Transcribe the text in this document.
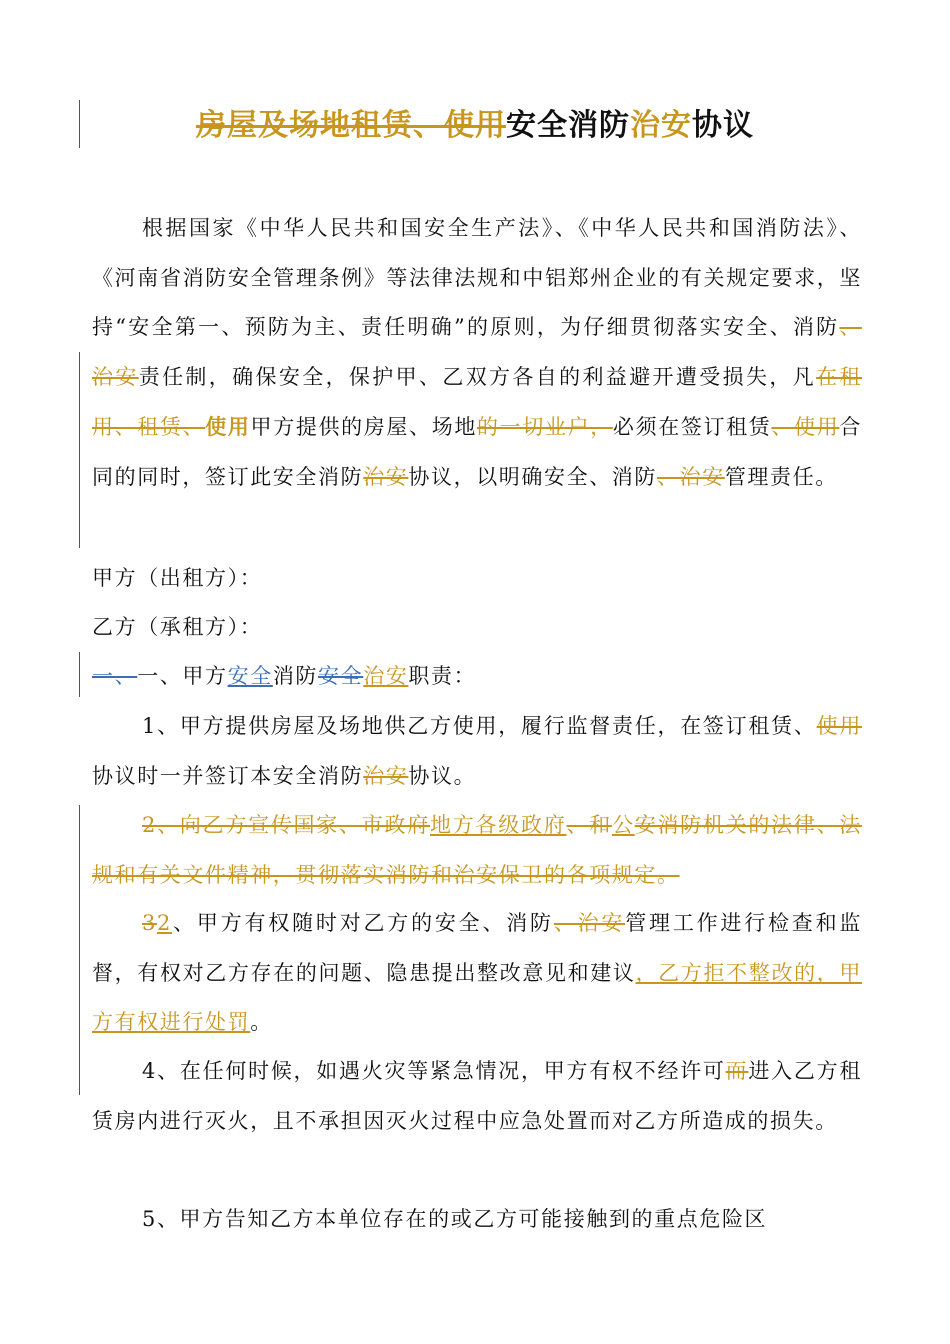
房屋及场地租赁、使用安全消防治安协议
根据国家《中华人民共和国安全生产法》、《中华人民共和国消防法》、《河南省消防安全管理条例》等法律法规和中铝郑州企业的有关规定要求，坚持“安全第一、预防为主、责任明确”的原则，为仔细贯彻落实安全、消防、治安责任制，确保安全，保护甲、乙双方各自的利益避开遭受损失，凡在租用、租赁、使用甲方提供的房屋、场地的一切业户，必须在签订租赁、使用合同的同时，签订此安全消防治安协议，以明确安全、消防、治安管理责任。
甲方（出租方）：
乙方（承租方）：
一、一、甲方安全消防安全治安职责：
1、甲方提供房屋及场地供乙方使用，履行监督责任，在签订租赁、使用协议时一并签订本安全消防治安协议。
2、向乙方宣传国家、市政府地方各级政府、和公安消防机关的法律、法规和有关文件精神，贯彻落实消防和治安保卫的各项规定。
32、甲方有权随时对乙方的安全、消防、治安管理工作进行检查和监督，有权对乙方存在的问题、隐患提出整改意见和建议，乙方拒不整改的，甲方有权进行处罚。
4、在任何时候，如遇火灾等紧急情况，甲方有权不经许可而进入乙方租赁房内进行灭火，且不承担因灭火过程中应急处置而对乙方所造成的损失。
5、甲方告知乙方本单位存在的或乙方可能接触到的重点危险区
